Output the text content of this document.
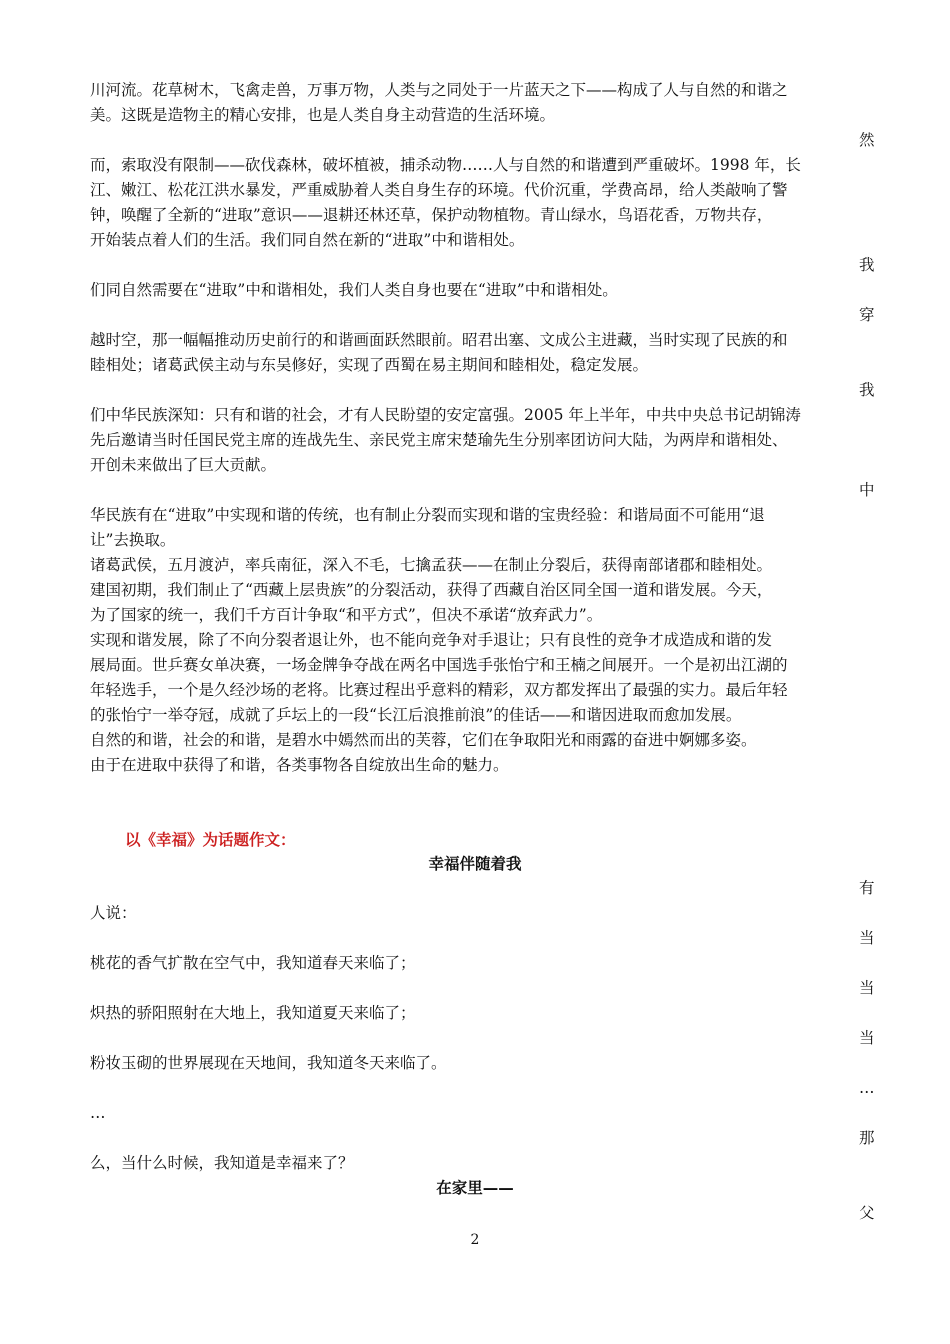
川河流。花草树木，飞禽走兽，万事万物，人类与之同处于一片蓝天之下——构成了人与自然的和谐之
美。这既是造物主的精心安排，也是人类自身主动营造的生活环境。
然
而，索取没有限制——砍伐森林，破坏植被，捕杀动物……人与自然的和谐遭到严重破坏。1998 年，长
江、嫩江、松花江洪水暴发，严重威胁着人类自身生存的环境。代价沉重，学费高昂，给人类敲响了警
钟，唤醒了全新的“进取”意识——退耕还林还草，保护动物植物。青山绿水，鸟语花香，万物共存，
开始装点着人们的生活。我们同自然在新的“进取”中和谐相处。
我
们同自然需要在“进取”中和谐相处，我们人类自身也要在“进取”中和谐相处。
穿
越时空，那一幅幅推动历史前行的和谐画面跃然眼前。昭君出塞、文成公主进藏，当时实现了民族的和
睦相处；诸葛武侯主动与东吴修好，实现了西蜀在易主期间和睦相处，稳定发展。
我
们中华民族深知：只有和谐的社会，才有人民盼望的安定富强。2005 年上半年，中共中央总书记胡锦涛
先后邀请当时任国民党主席的连战先生、亲民党主席宋楚瑜先生分别率团访问大陆，为两岸和谐相处、
开创未来做出了巨大贡献。
中
华民族有在“进取”中实现和谐的传统，也有制止分裂而实现和谐的宝贵经验：和谐局面不可能用“退
让”去换取。
诸葛武侯，五月渡泸，率兵南征，深入不毛，七擒孟获——在制止分裂后，获得南部诸郡和睦相处。
建国初期，我们制止了“西藏上层贵族”的分裂活动，获得了西藏自治区同全国一道和谐发展。今天，
为了国家的统一，我们千方百计争取“和平方式”，但决不承诺“放弃武力”。
实现和谐发展，除了不向分裂者退让外，也不能向竞争对手退让；只有良性的竞争才成造成和谐的发
展局面。世乒赛女单决赛，一场金牌争夺战在两名中国选手张怡宁和王楠之间展开。一个是初出江湖的
年轻选手，一个是久经沙场的老将。比赛过程出乎意料的精彩，双方都发挥出了最强的实力。最后年轻
的张怡宁一举夺冠，成就了乒坛上的一段“长江后浪推前浪”的佳话——和谐因进取而愈加发展。
自然的和谐，社会的和谐，是碧水中嫣然而出的芙蓉，它们在争取阳光和雨露的奋进中婀娜多姿。
由于在进取中获得了和谐，各类事物各自绽放出生命的魅力。
以《幸福》为话题作文：
幸福伴随着我
有
人说：
当
桃花的香气扩散在空气中，我知道春天来临了；
当
炽热的骄阳照射在大地上，我知道夏天来临了；
当
粉妆玉砌的世界展现在天地间，我知道冬天来临了。
…
…
那
么，当什么时候，我知道是幸福来了？
在家里——
父
2
